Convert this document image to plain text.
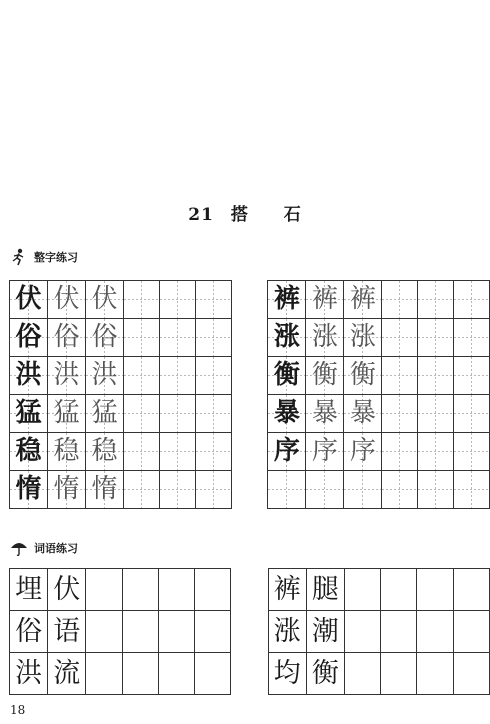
21 搭 石
整字练习
伏	伏	伏					裤	裤	裤			

俗	俗	俗					涨	涨	涨			

洪	洪	洪					衡	衡	衡			

猛	猛	猛					暴	暴	暴			

稳	稳	稳					序	序	序			

惰	惰	惰										

词语练习
埋	伏						裤	腿				

俗	语						涨	潮				

洪	流						均	衡				

18
